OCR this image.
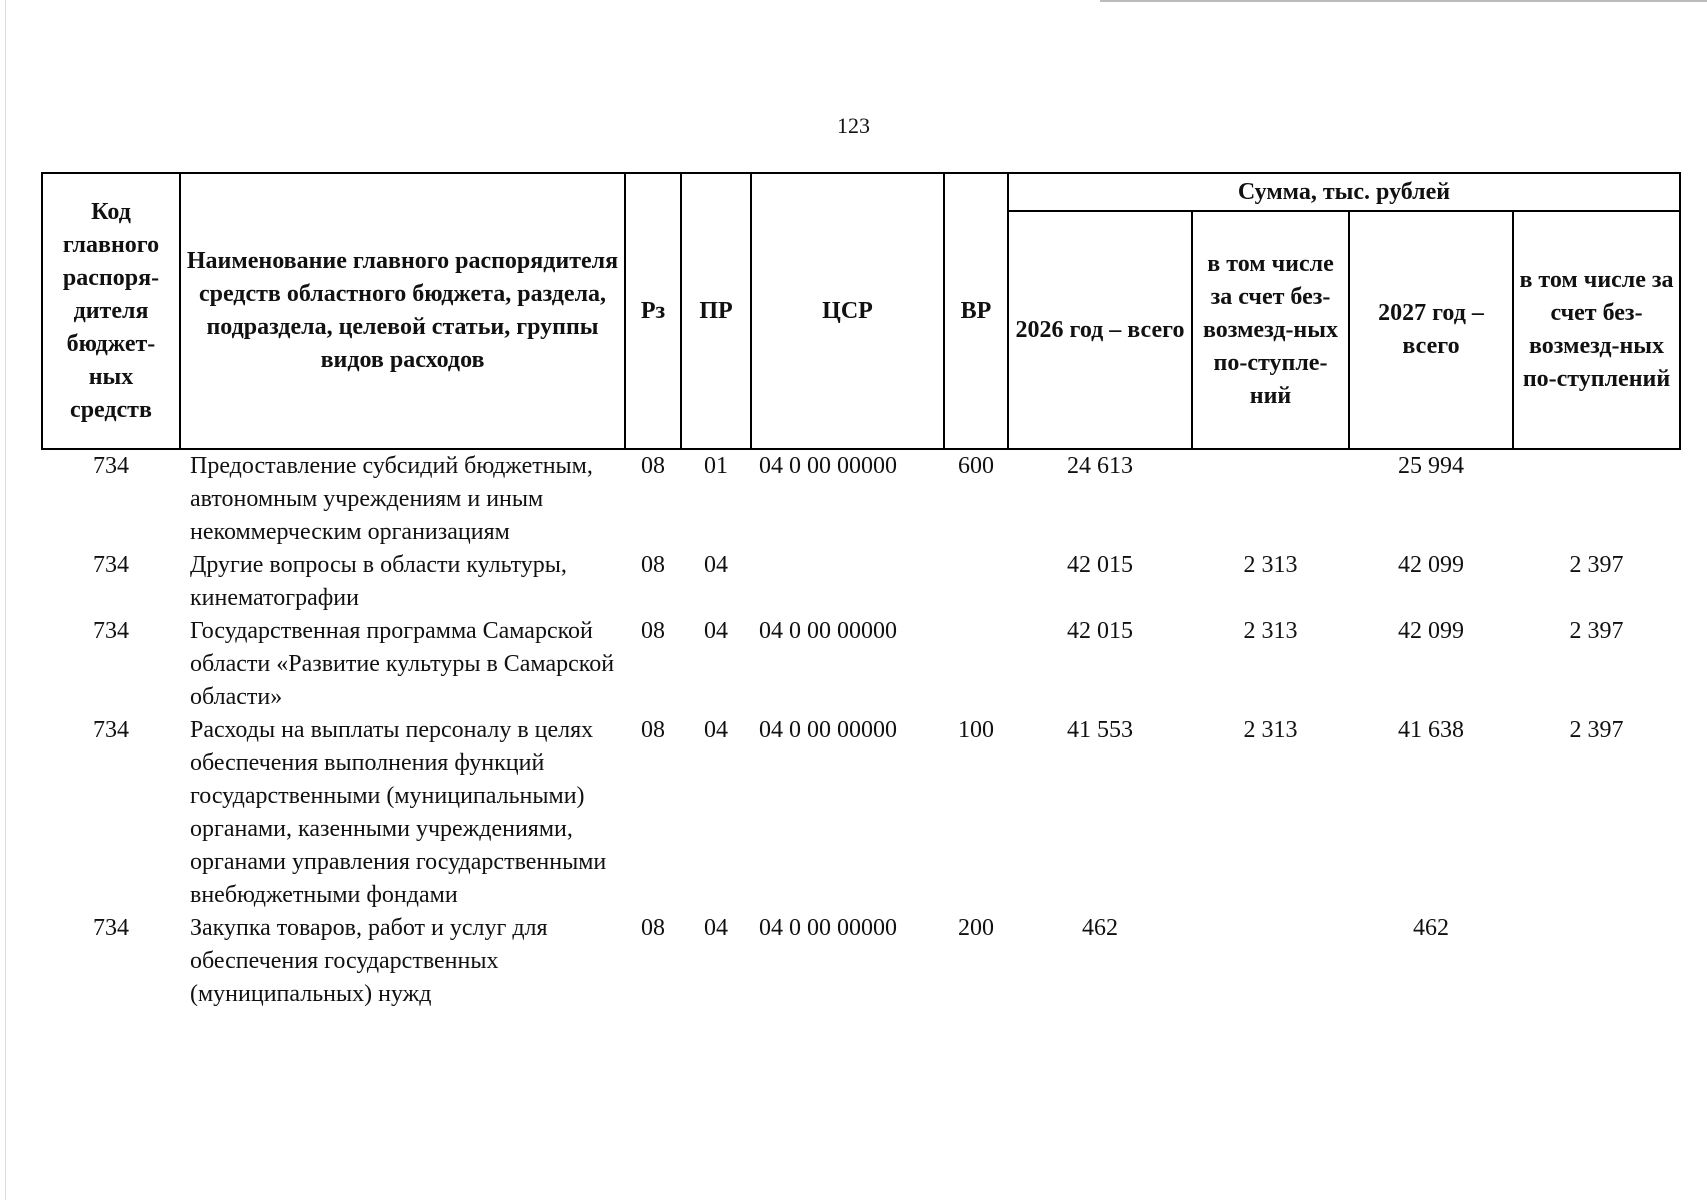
123
Код главного распоря-дителя бюджет-ных средств	Наименование главного распорядителя средств областного бюджета, раздела, подраздела, целевой статьи, группы видов расходов	Рз	ПР	ЦСР	ВР	Сумма, тыс. рублей			
						2026 год – всего	в том числе за счет без-возмезд-ных по-ступле-ний	2027 год – всего	в том числе за счет без-возмезд-ных по-ступлений
734	Предоставление субсидий бюджетным, автономным учреждениям и иным некоммерческим организациям	08	01	04 0 00 00000	600	24 613		25 994	
734	Другие вопросы в области культуры, кинематографии	08	04			42 015	2 313	42 099	2 397
734	Государственная программа Самарской области «Развитие культуры в Самарской области»	08	04	04 0 00 00000		42 015	2 313	42 099	2 397
734	Расходы на выплаты персоналу в целях обеспечения выполнения функций государственными (муниципальными) органами, казенными учреждениями, органами управления государственными внебюджетными фондами	08	04	04 0 00 00000	100	41 553	2 313	41 638	2 397
734	Закупка товаров, работ и услуг для обеспечения государственных (муниципальных) нужд	08	04	04 0 00 00000	200	462		462	
